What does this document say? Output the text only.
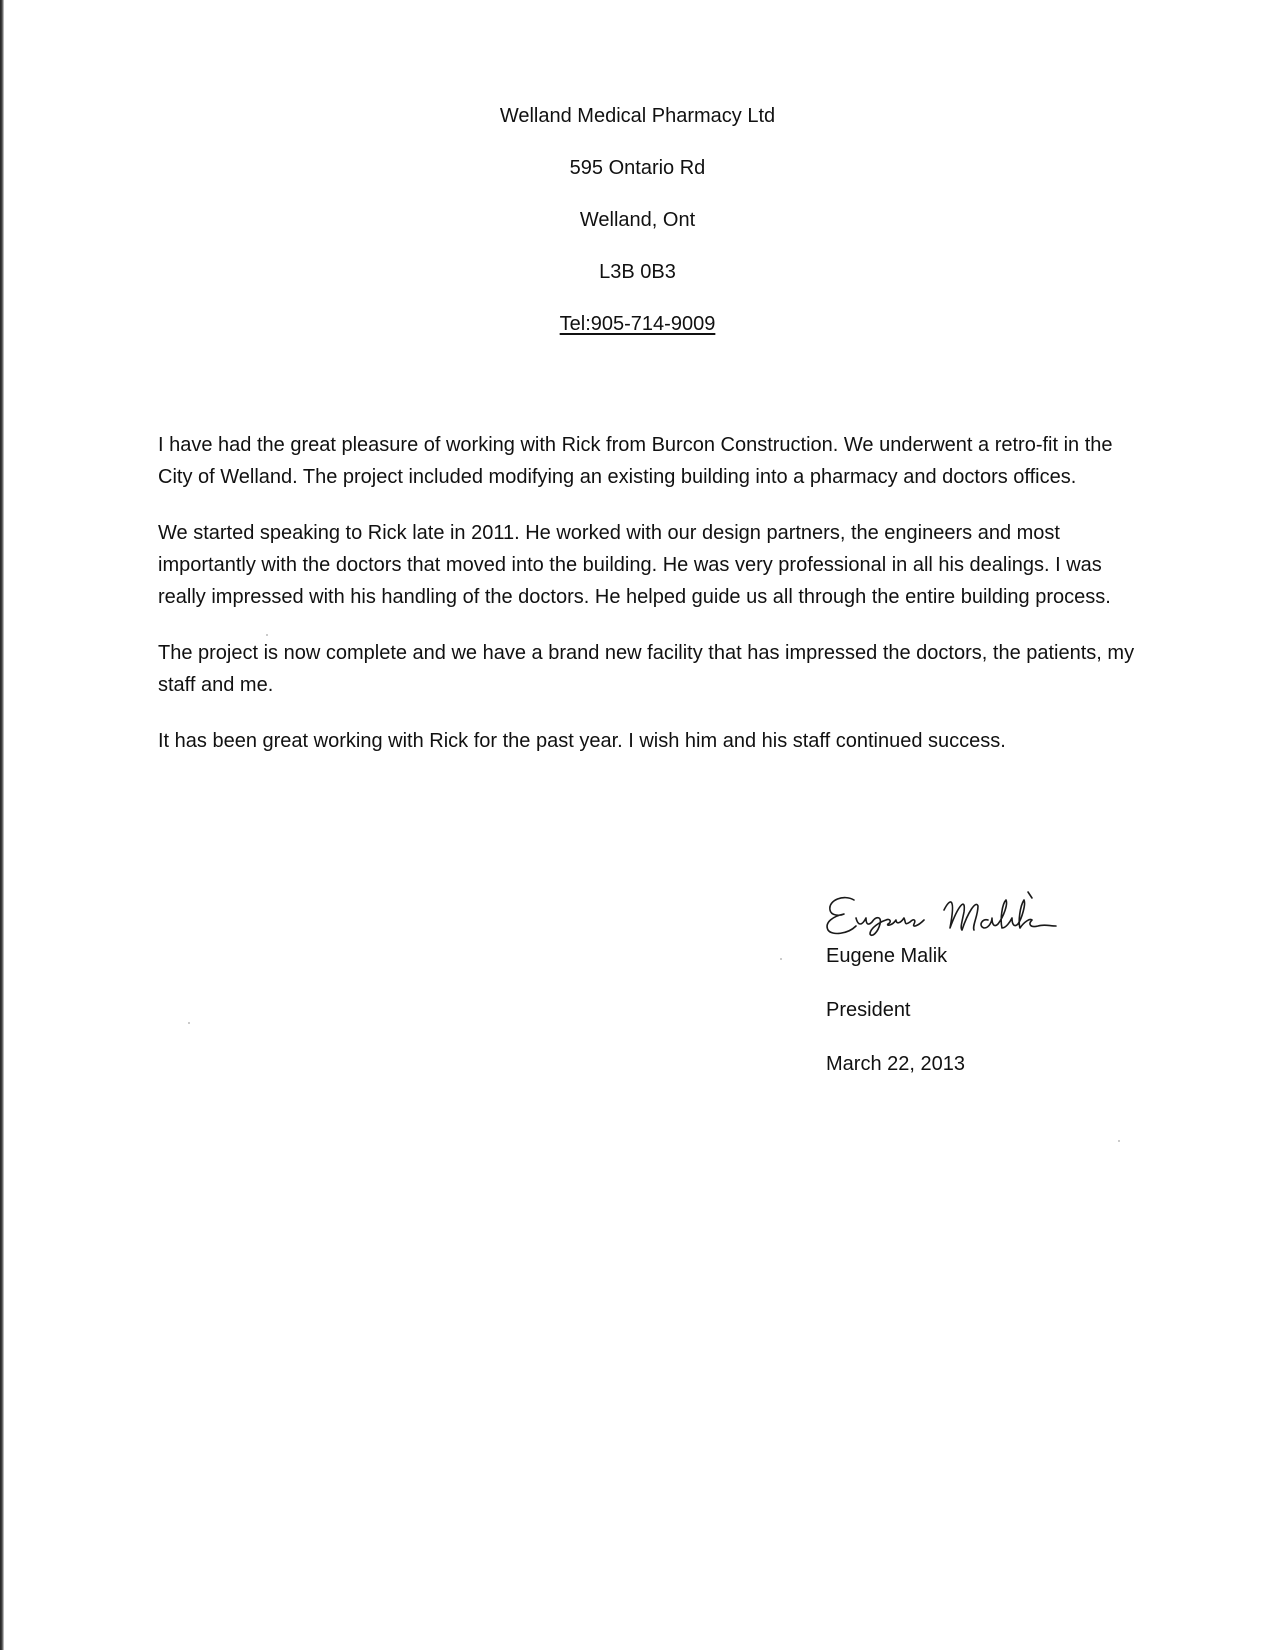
Welland Medical Pharmacy Ltd
595 Ontario Rd
Welland, Ont
L3B 0B3
Tel:905-714-9009

I have had the great pleasure of working with Rick from Burcon Construction. We underwent a retro-fit in the City of Welland. The project included modifying an existing building into a pharmacy and doctors offices.

We started speaking to Rick late in 2011. He worked with our design partners, the engineers and most importantly with the doctors that moved into the building. He was very professional in all his dealings. I was really impressed with his handling of the doctors. He helped guide us all through the entire building process.

The project is now complete and we have a brand new facility that has impressed the doctors, the patients, my staff and me.

It has been great working with Rick for the past year. I wish him and his staff continued success.

Eugene Malik
President
March 22, 2013
